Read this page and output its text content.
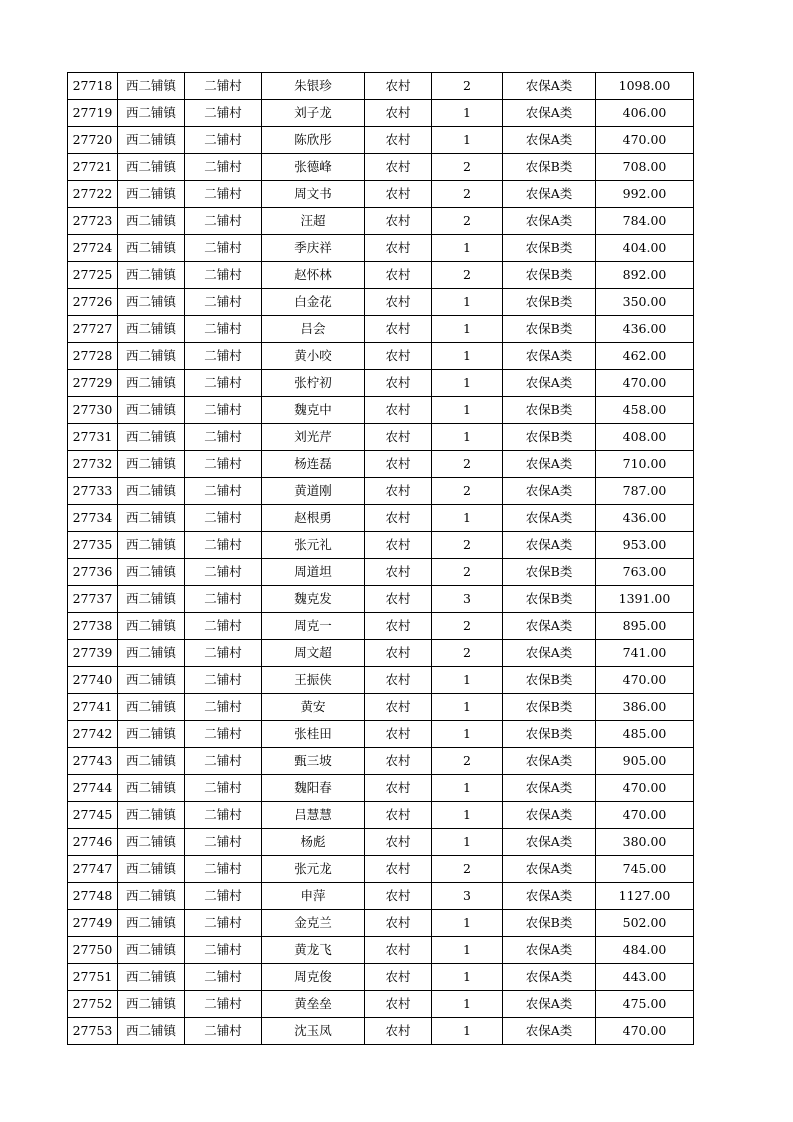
27718	西二铺镇	二铺村	朱银珍	农村	2	农保A类	1098.00
27719	西二铺镇	二铺村	刘子龙	农村	1	农保A类	406.00
27720	西二铺镇	二铺村	陈欣彤	农村	1	农保A类	470.00
27721	西二铺镇	二铺村	张德峰	农村	2	农保B类	708.00
27722	西二铺镇	二铺村	周文书	农村	2	农保A类	992.00
27723	西二铺镇	二铺村	汪超	农村	2	农保A类	784.00
27724	西二铺镇	二铺村	季庆祥	农村	1	农保B类	404.00
27725	西二铺镇	二铺村	赵怀林	农村	2	农保B类	892.00
27726	西二铺镇	二铺村	白金花	农村	1	农保B类	350.00
27727	西二铺镇	二铺村	吕会	农村	1	农保B类	436.00
27728	西二铺镇	二铺村	黄小咬	农村	1	农保A类	462.00
27729	西二铺镇	二铺村	张柠初	农村	1	农保A类	470.00
27730	西二铺镇	二铺村	魏克中	农村	1	农保B类	458.00
27731	西二铺镇	二铺村	刘光芹	农村	1	农保B类	408.00
27732	西二铺镇	二铺村	杨连磊	农村	2	农保A类	710.00
27733	西二铺镇	二铺村	黄道刚	农村	2	农保A类	787.00
27734	西二铺镇	二铺村	赵根勇	农村	1	农保A类	436.00
27735	西二铺镇	二铺村	张元礼	农村	2	农保A类	953.00
27736	西二铺镇	二铺村	周道坦	农村	2	农保B类	763.00
27737	西二铺镇	二铺村	魏克发	农村	3	农保B类	1391.00
27738	西二铺镇	二铺村	周克一	农村	2	农保A类	895.00
27739	西二铺镇	二铺村	周文超	农村	2	农保A类	741.00
27740	西二铺镇	二铺村	王振侠	农村	1	农保B类	470.00
27741	西二铺镇	二铺村	黄安	农村	1	农保B类	386.00
27742	西二铺镇	二铺村	张桂田	农村	1	农保B类	485.00
27743	西二铺镇	二铺村	甄三坡	农村	2	农保A类	905.00
27744	西二铺镇	二铺村	魏阳春	农村	1	农保A类	470.00
27745	西二铺镇	二铺村	吕慧慧	农村	1	农保A类	470.00
27746	西二铺镇	二铺村	杨彪	农村	1	农保A类	380.00
27747	西二铺镇	二铺村	张元龙	农村	2	农保A类	745.00
27748	西二铺镇	二铺村	申萍	农村	3	农保A类	1127.00
27749	西二铺镇	二铺村	金克兰	农村	1	农保B类	502.00
27750	西二铺镇	二铺村	黄龙飞	农村	1	农保A类	484.00
27751	西二铺镇	二铺村	周克俊	农村	1	农保A类	443.00
27752	西二铺镇	二铺村	黄垒垒	农村	1	农保A类	475.00
27753	西二铺镇	二铺村	沈玉凤	农村	1	农保A类	470.00
